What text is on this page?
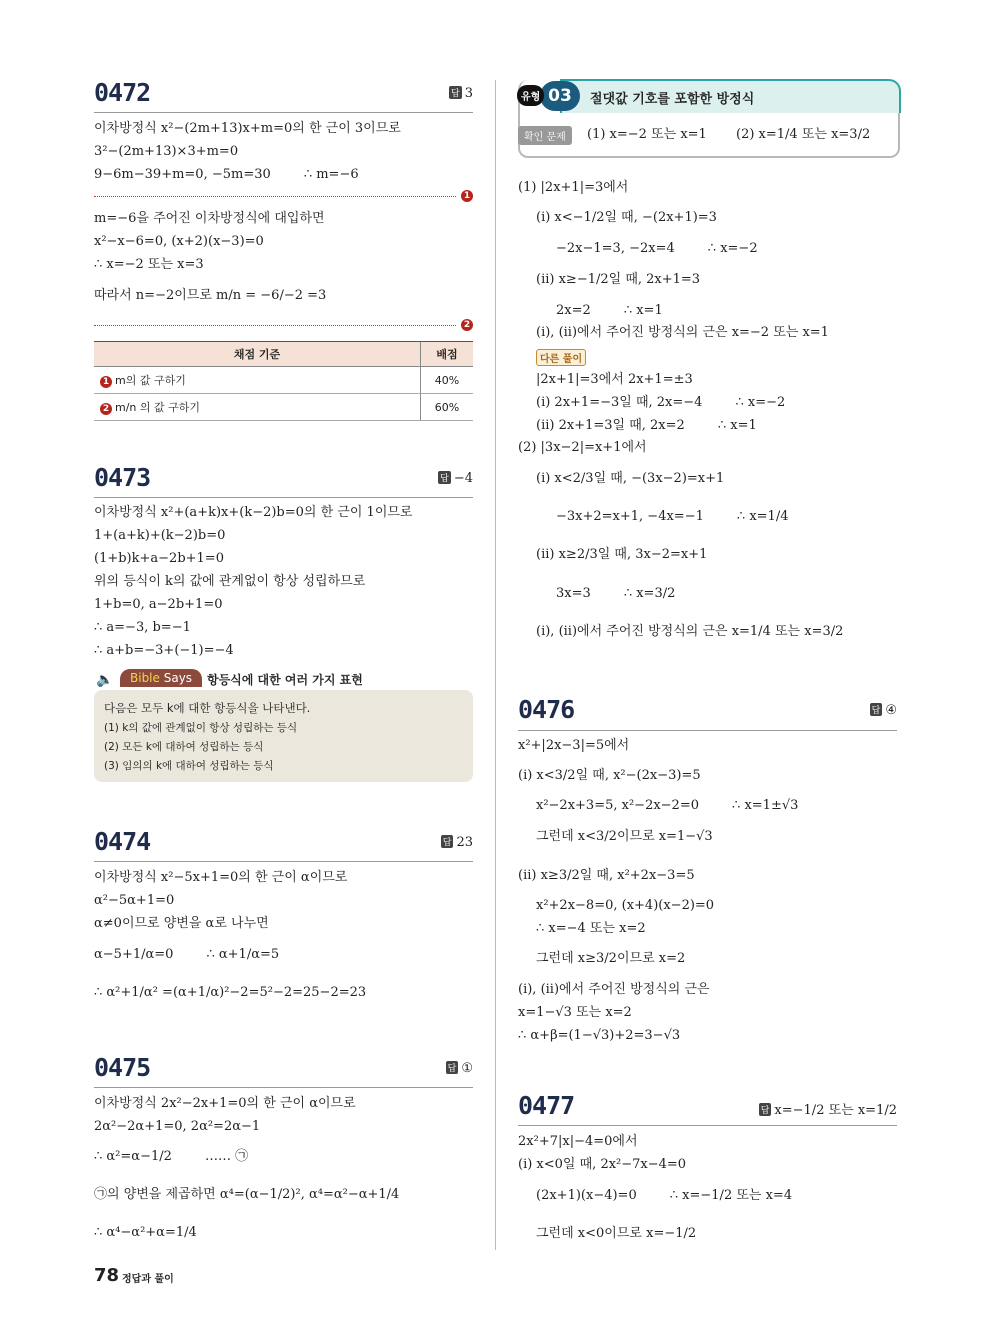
0472	답 3
1
2
채점 기준	배점
1 m의 값 구하기	40%
2 m/n 의 값 구하기	60%
0473	답 −4
🔈	Bible Says	항등식에 대한 여러 가지 표현
다음은 모두 k에 대한 항등식을 나타낸다.
(1) k의 값에 관계없이 항상 성립하는 등식
(2) 모든 k에 대하여 성립하는 등식
(3) 임의의 k에 대하여 성립하는 등식
0474	답 23
0475	답 ①
03
유형	절댓값 기호를 포함한 방정식
확인 문제	(1) x=−2 또는 x=1 (2) x=1/4 또는 x=3/2
다른 풀이
0476	답 ④
0477	답 x=−1/2 또는 x=1/2
78 정답과 풀이
이차방정식 x²−(2m+13)x+m=0의 한 근이 3이므로
3²−(2m+13)×3+m=0
9−6m−39+m=0, −5m=30        ∴ m=−6
m=−6을 주어진 이차방정식에 대입하면
x²−x−6=0, (x+2)(x−3)=0
∴ x=−2 또는 x=3
따라서 n=−2이므로 m/n = −6/−2 =3
이차방정식 x²+(a+k)x+(k−2)b=0의 한 근이 1이므로
1+(a+k)+(k−2)b=0
(1+b)k+a−2b+1=0
위의 등식이 k의 값에 관계없이 항상 성립하므로
1+b=0, a−2b+1=0
∴ a=−3, b=−1
∴ a+b=−3+(−1)=−4
이차방정식 x²−5x+1=0의 한 근이 α이므로
α²−5α+1=0
α≠0이므로 양변을 α로 나누면
α−5+1/α=0        ∴ α+1/α=5
∴ α²+1/α² =(α+1/α)²−2=5²−2=25−2=23
이차방정식 2x²−2x+1=0의 한 근이 α이므로
2α²−2α+1=0, 2α²=2α−1
∴ α²=α−1/2        …… ㉠
㉠의 양변을 제곱하면 α⁴=(α−1/2)², α⁴=α²−α+1/4
∴ α⁴−α²+α=1/4
(1) |2x+1|=3에서
(i) x<−1/2일 때, −(2x+1)=3
−2x−1=3, −2x=4        ∴ x=−2
(ii) x≥−1/2일 때, 2x+1=3
2x=2        ∴ x=1
(i), (ii)에서 주어진 방정식의 근은 x=−2 또는 x=1
|2x+1|=3에서 2x+1=±3
(i) 2x+1=−3일 때, 2x=−4        ∴ x=−2
(ii) 2x+1=3일 때, 2x=2        ∴ x=1
(2) |3x−2|=x+1에서
(i) x<2/3일 때, −(3x−2)=x+1
−3x+2=x+1, −4x=−1        ∴ x=1/4
(ii) x≥2/3일 때, 3x−2=x+1
3x=3        ∴ x=3/2
(i), (ii)에서 주어진 방정식의 근은 x=1/4 또는 x=3/2
x²+|2x−3|=5에서
(i) x<3/2일 때, x²−(2x−3)=5
x²−2x+3=5, x²−2x−2=0        ∴ x=1±√3
그런데 x<3/2이므로 x=1−√3
(ii) x≥3/2일 때, x²+2x−3=5
x²+2x−8=0, (x+4)(x−2)=0
∴ x=−4 또는 x=2
그런데 x≥3/2이므로 x=2
(i), (ii)에서 주어진 방정식의 근은
x=1−√3 또는 x=2
∴ α+β=(1−√3)+2=3−√3
2x²+7|x|−4=0에서
(i) x<0일 때, 2x²−7x−4=0
(2x+1)(x−4)=0        ∴ x=−1/2 또는 x=4
그런데 x<0이므로 x=−1/2
